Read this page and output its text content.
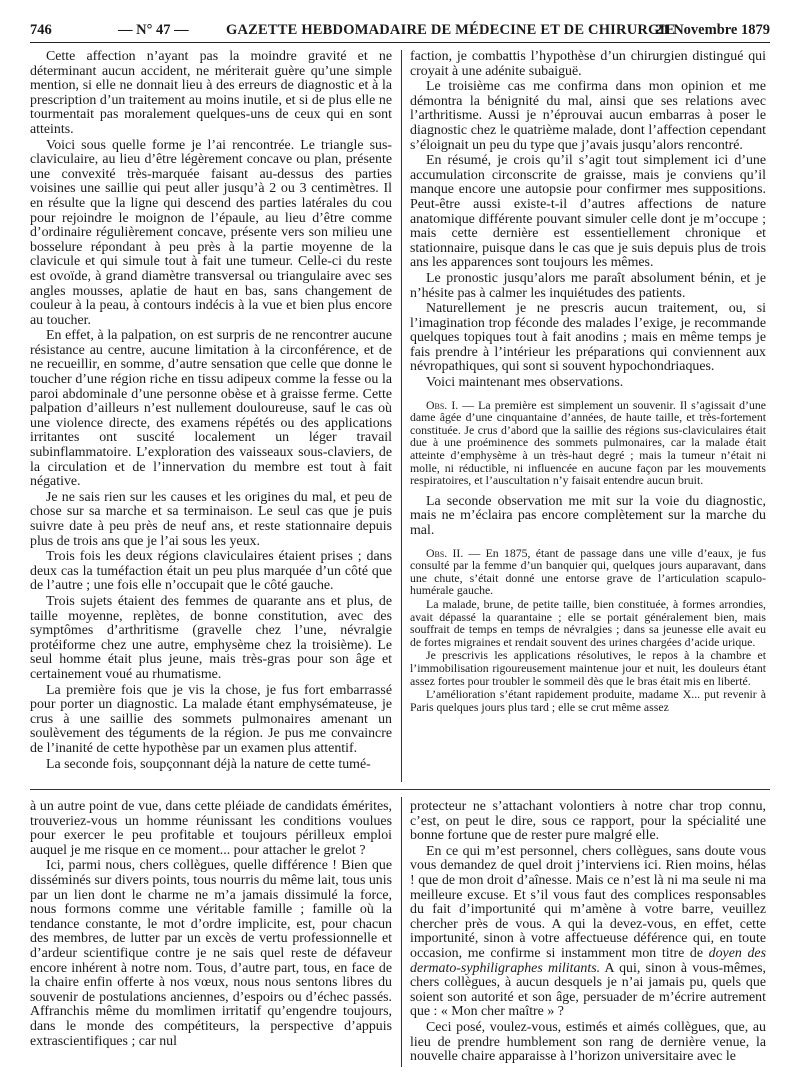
746	— N° 47 —	GAZETTE HEBDOMADAIRE DE MÉDECINE ET DE CHIRURGIE
21 Novembre 1879

Cette affection n’ayant pas la moindre gravité et ne déterminant aucun accident, ne mériterait guère qu’une simple mention, si elle ne donnait lieu à des erreurs de diagnostic et à la prescription d’un traitement au moins inutile, et si de plus elle ne tourmentait pas moralement quelques-uns de ceux qui en sont atteints.

Voici sous quelle forme je l’ai rencontrée. Le triangle sus-claviculaire, au lieu d’être légèrement concave ou plan, présente une convexité très-marquée faisant au-dessus des parties voisines une saillie qui peut aller jusqu’à 2 ou 3 centimètres. Il en résulte que la ligne qui descend des parties latérales du cou pour rejoindre le moignon de l’épaule, au lieu d’être comme d’ordinaire régulièrement concave, présente vers son milieu une bosselure répondant à peu près à la partie moyenne de la clavicule et qui simule tout à fait une tumeur. Celle-ci du reste est ovoïde, à grand diamètre transversal ou triangulaire avec ses angles mousses, aplatie de haut en bas, sans changement de couleur à la peau, à contours indécis à la vue et bien plus encore au toucher.

En effet, à la palpation, on est surpris de ne rencontrer aucune résistance au centre, aucune limitation à la circonférence, et de ne recueillir, en somme, d’autre sensation que celle que donne le toucher d’une région riche en tissu adipeux comme la fesse ou la paroi abdominale d’une personne obèse et à graisse ferme. Cette palpation d’ailleurs n’est nullement douloureuse, sauf le cas où une violence directe, des examens répétés ou des applications irritantes ont suscité localement un léger travail subinflammatoire. L’exploration des vaisseaux sous-claviers, de la circulation et de l’innervation du membre est tout à fait négative.

Je ne sais rien sur les causes et les origines du mal, et peu de chose sur sa marche et sa terminaison. Le seul cas que je puis suivre date à peu près de neuf ans, et reste stationnaire depuis plus de trois ans que je l’ai sous les yeux.

Trois fois les deux régions claviculaires étaient prises ; dans deux cas la tuméfaction était un peu plus marquée d’un côté que de l’autre ; une fois elle n’occupait que le côté gauche.

Trois sujets étaient des femmes de quarante ans et plus, de taille moyenne, replètes, de bonne constitution, avec des symptômes d’arthritisme (gravelle chez l’une, névralgie protéiforme chez une autre, emphysème chez la troisième). Le seul homme était plus jeune, mais très-gras pour son âge et certainement voué au rhumatisme.

La première fois que je vis la chose, je fus fort embarrassé pour porter un diagnostic. La malade étant emphysémateuse, je crus à une saillie des sommets pulmonaires amenant un soulèvement des téguments de la région. Je pus me convaincre de l’inanité de cette hypothèse par un examen plus attentif.

La seconde fois, soupçonnant déjà la nature de cette tumé-

faction, je combattis l’hypothèse d’un chirurgien distingué qui croyait à une adénite subaiguë.

Le troisième cas me confirma dans mon opinion et me démontra la bénignité du mal, ainsi que ses relations avec l’arthritisme. Aussi je n’éprouvai aucun embarras à poser le diagnostic chez le quatrième malade, dont l’affection cependant s’éloignait un peu du type que j’avais jusqu’alors rencontré.

En résumé, je crois qu’il s’agit tout simplement ici d’une accumulation circonscrite de graisse, mais je conviens qu’il manque encore une autopsie pour confirmer mes suppositions. Peut-être aussi existe-t-il d’autres affections de nature anatomique différente pouvant simuler celle dont je m’occupe ; mais cette dernière est essentiellement chronique et stationnaire, puisque dans le cas que je suis depuis plus de trois ans les apparences sont toujours les mêmes.

Le pronostic jusqu’alors me paraît absolument bénin, et je n’hésite pas à calmer les inquiétudes des patients.

Naturellement je ne prescris aucun traitement, ou, si l’imagination trop féconde des malades l’exige, je recommande quelques topiques tout à fait anodins ; mais en même temps je fais prendre à l’intérieur les préparations qui conviennent aux névropathiques, qui sont si souvent hypochondriaques.

Voici maintenant mes observations.

Obs. I. — La première est simplement un souvenir. Il s’agissait d’une dame âgée d’une cinquantaine d’années, de haute taille, et très-fortement constituée. Je crus d’abord que la saillie des régions sus-claviculaires était due à une proéminence des sommets pulmonaires, car la malade était atteinte d’emphysème à un très-haut degré ; mais la tumeur n’était ni molle, ni réductible, ni influencée en aucune façon par les mouvements respiratoires, et l’auscultation n’y faisait entendre aucun bruit.

La seconde observation me mit sur la voie du diagnostic, mais ne m’éclaira pas encore complètement sur la marche du mal.

Obs. II. — En 1875, étant de passage dans une ville d’eaux, je fus consulté par la femme d’un banquier qui, quelques jours auparavant, dans une chute, s’était donné une entorse grave de l’articulation scapulo-humérale gauche.

La malade, brune, de petite taille, bien constituée, à formes arrondies, avait dépassé la quarantaine ; elle se portait généralement bien, mais souffrait de temps en temps de névralgies ; dans sa jeunesse elle avait eu de fortes migraines et rendait souvent des urines chargées d’acide urique.

Je prescrivis les applications résolutives, le repos à la chambre et l’immobilisation rigoureusement maintenue jour et nuit, les douleurs étant assez fortes pour troubler le sommeil dès que le bras était mis en liberté.

L’amélioration s’étant rapidement produite, madame X... put revenir à Paris quelques jours plus tard ; elle se crut même assez

à un autre point de vue, dans cette pléiade de candidats émérites, trouveriez-vous un homme réunissant les conditions voulues pour exercer le peu profitable et toujours périlleux emploi auquel je me risque en ce moment... pour attacher le grelot ?

Ici, parmi nous, chers collègues, quelle différence ! Bien que disséminés sur divers points, tous nourris du même lait, tous unis par un lien dont le charme ne m’a jamais dissimulé la force, nous formons comme une véritable famille ; famille où la tendance constante, le mot d’ordre implicite, est, pour chacun des membres, de lutter par un excès de vertu professionnelle et d’ardeur scientifique contre je ne sais quel reste de défaveur encore inhérent à notre nom. Tous, d’autre part, tous, en face de la chaire enfin offerte à nos vœux, nous nous sentons libres du souvenir de postulations anciennes, d’espoirs ou d’échec passés. Affranchis même du momlimen irritatif qu’engendre toujours, dans le monde des compétiteurs, la perspective d’appuis extrascientifiques ; car nul

protecteur ne s’attachant volontiers à notre char trop connu, c’est, on peut le dire, sous ce rapport, pour la spécialité une bonne fortune que de rester pure malgré elle.

En ce qui m’est personnel, chers collègues, sans doute vous vous demandez de quel droit j’interviens ici. Rien moins, hélas ! que de mon droit d’aînesse. Mais ce n’est là ni ma seule ni ma meilleure excuse. Et s’il vous faut des complices responsables du fait d’importunité qui m’amène à votre barre, veuillez chercher près de vous. A qui la devez-vous, en effet, cette importunité, sinon à votre affectueuse déférence qui, en toute occasion, me confirme si instamment mon titre de doyen des dermato-syphiligraphes militants. A qui, sinon à vous-mêmes, chers collègues, à aucun desquels je n’ai jamais pu, quels que soient son autorité et son âge, persuader de m’écrire autrement que : « Mon cher maître » ?

Ceci posé, voulez-vous, estimés et aimés collègues, que, au lieu de prendre humblement son rang de dernière venue, la nouvelle chaire apparaisse à l’horizon universitaire avec le
